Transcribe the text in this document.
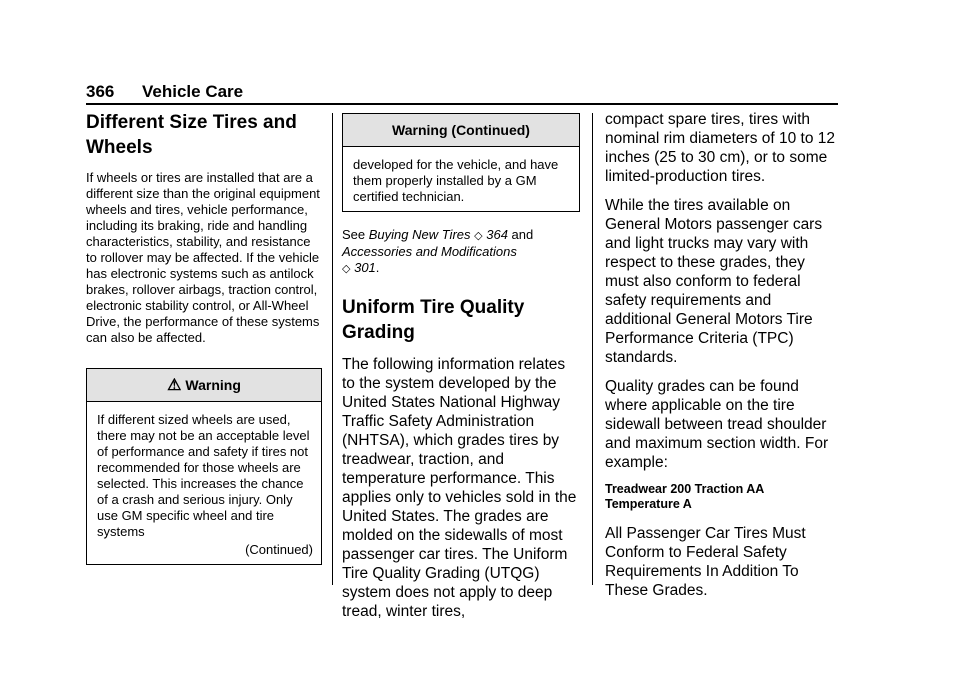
366 Vehicle Care
Different Size Tires and Wheels

If wheels or tires are installed that are a different size than the original equipment wheels and tires, vehicle performance, including its braking, ride and handling characteristics, stability, and resistance to rollover may be affected. If the vehicle has electronic systems such as antilock brakes, rollover airbags, traction control, electronic stability control, or All-Wheel Drive, the performance of these systems can also be affected.

⚠ Warning
If different sized wheels are used, there may not be an acceptable level of performance and safety if tires not recommended for those wheels are selected. This increases the chance of a crash and serious injury. Only use GM specific wheel and tire systems
(Continued)
Warning (Continued)
developed for the vehicle, and have them properly installed by a GM certified technician.

See Buying New Tires ◇ 364 and Accessories and Modifications
◇ 301.

Uniform Tire Quality Grading

The following information relates to the system developed by the United States National Highway Traffic Safety Administration (NHTSA), which grades tires by treadwear, traction, and temperature performance. This applies only to vehicles sold in the United States. The grades are molded on the sidewalls of most passenger car tires. The Uniform Tire Quality Grading (UTQG) system does not apply to deep tread, winter tires,

compact spare tires, tires with nominal rim diameters of 10 to 12 inches (25 to 30 cm), or to some limited-production tires.

While the tires available on General Motors passenger cars and light trucks may vary with respect to these grades, they must also conform to federal safety requirements and additional General Motors Tire Performance Criteria (TPC) standards.

Quality grades can be found where applicable on the tire sidewall between tread shoulder and maximum section width. For example:

Treadwear 200 Traction AA Temperature A

All Passenger Car Tires Must Conform to Federal Safety Requirements In Addition To These Grades.
